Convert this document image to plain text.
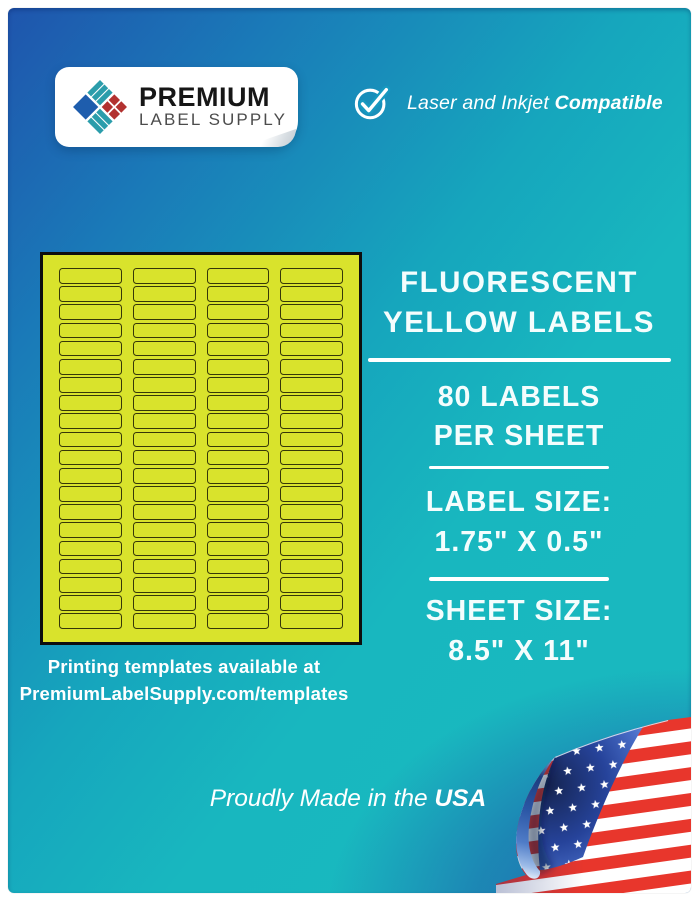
PREMIUM
LABEL SUPPLY
Laser and Inkjet Compatible
Printing templates available at
PremiumLabelSupply.com/templates
FLUORESCENT
YELLOW LABELS
80 LABELS
PER SHEET
LABEL SIZE:
1.75" X 0.5"
SHEET SIZE:
8.5" X 11"
Proudly Made in the USA
